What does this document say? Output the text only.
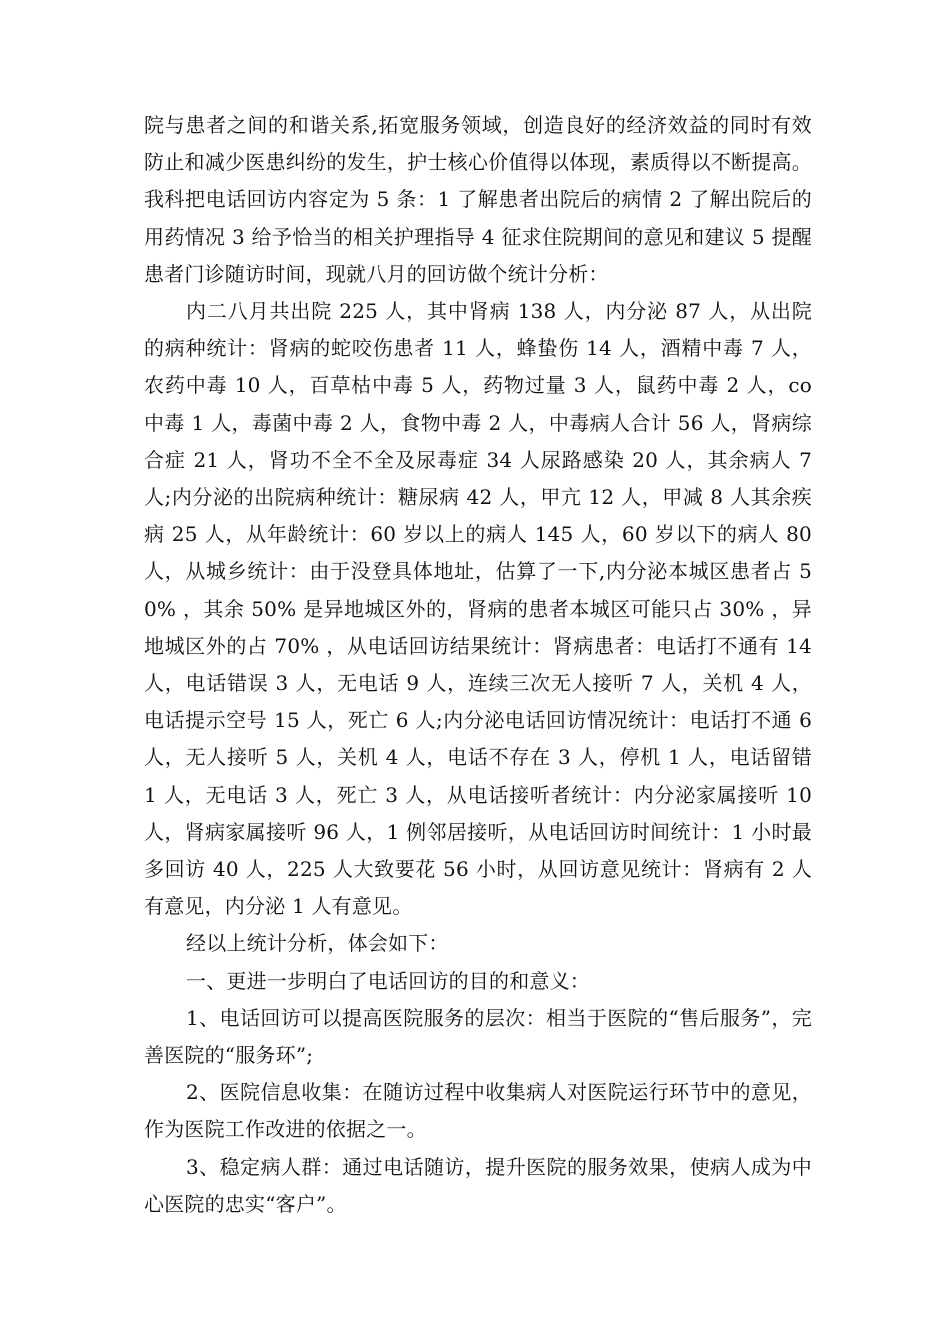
院与患者之间的和谐关系,拓宽服务领域，创造良好的经济效益的同时有效防止和减少医患纠纷的发生，护士核心价值得以体现，素质得以不断提高。我科把电话回访内容定为 5 条：1 了解患者出院后的病情 2 了解出院后的用药情况 3 给予恰当的相关护理指导 4 征求住院期间的意见和建议 5 提醒患者门诊随访时间，现就八月的回访做个统计分析：

内二八月共出院 225 人，其中肾病 138 人，内分泌 87 人，从出院的病种统计：肾病的蛇咬伤患者 11 人，蜂蛰伤 14 人，酒精中毒 7 人，农药中毒 10 人，百草枯中毒 5 人，药物过量 3 人，鼠药中毒 2 人，co 中毒 1 人，毒菌中毒 2 人，食物中毒 2 人，中毒病人合计 56 人，肾病综合症 21 人，肾功不全不全及尿毒症 34 人尿路感染 20 人，其余病人 7 人;内分泌的出院病种统计：糖尿病 42 人，甲亢 12 人，甲减 8 人其余疾病 25 人，从年龄统计：60 岁以上的病人 145 人，60 岁以下的病人 80 人，从城乡统计：由于没登具体地址，估算了一下,内分泌本城区患者占 50% ，其余 50% 是异地城区外的，肾病的患者本城区可能只占 30% ，异地城区外的占 70% ，从电话回访结果统计：肾病患者：电话打不通有 14 人，电话错误 3 人，无电话 9 人，连续三次无人接听 7 人，关机 4 人，电话提示空号 15 人，死亡 6 人;内分泌电话回访情况统计：电话打不通 6 人，无人接听 5 人，关机 4 人，电话不存在 3 人，停机 1 人，电话留错 1 人，无电话 3 人，死亡 3 人，从电话接听者统计：内分泌家属接听 10 人，肾病家属接听 96 人，1 例邻居接听，从电话回访时间统计：1 小时最多回访 40 人，225 人大致要花 56 小时，从回访意见统计：肾病有 2 人有意见，内分泌 1 人有意见。

经以上统计分析，体会如下：

一、更进一步明白了电话回访的目的和意义：

1、电话回访可以提高医院服务的层次：相当于医院的“售后服务”，完善医院的“服务环”;

2、医院信息收集：在随访过程中收集病人对医院运行环节中的意见，作为医院工作改进的依据之一。

3、稳定病人群：通过电话随访，提升医院的服务效果，使病人成为中心医院的忠实“客户”。
